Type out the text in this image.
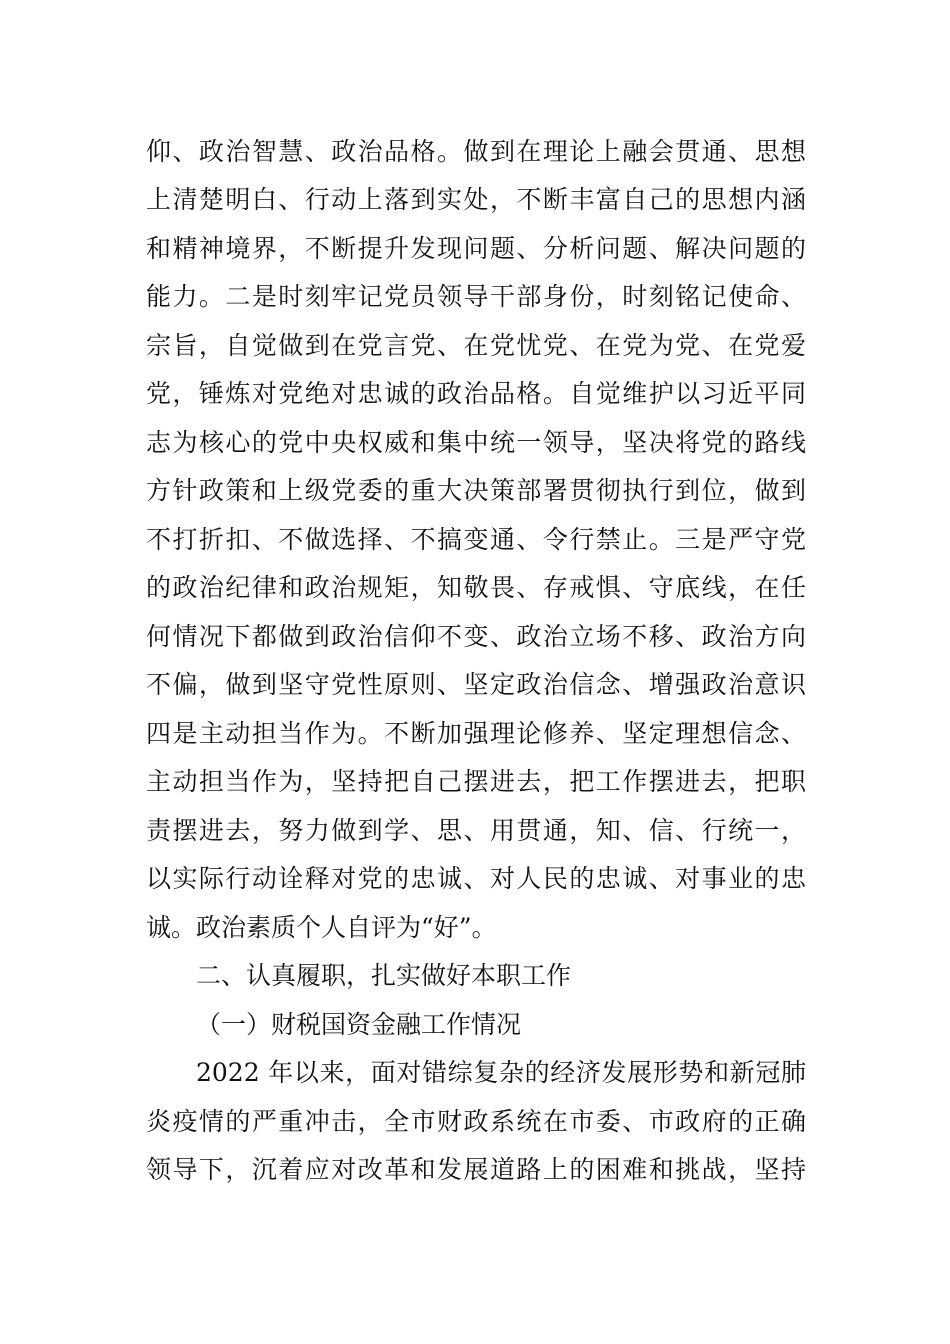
仰、政治智慧、政治品格。做到在理论上融会贯通、思想
上清楚明白、行动上落到实处，不断丰富自己的思想内涵
和精神境界，不断提升发现问题、分析问题、解决问题的
能力。二是时刻牢记党员领导干部身份，时刻铭记使命、
宗旨，自觉做到在党言党、在党忧党、在党为党、在党爱
党，锤炼对党绝对忠诚的政治品格。自觉维护以习近平同
志为核心的党中央权威和集中统一领导，坚决将党的路线
方针政策和上级党委的重大决策部署贯彻执行到位，做到
不打折扣、不做选择、不搞变通、令行禁止。三是严守党
的政治纪律和政治规矩，知敬畏、存戒惧、守底线，在任
何情况下都做到政治信仰不变、政治立场不移、政治方向
不偏，做到坚守党性原则、坚定政治信念、增强政治意识
四是主动担当作为。不断加强理论修养、坚定理想信念、
主动担当作为，坚持把自己摆进去，把工作摆进去，把职
责摆进去，努力做到学、思、用贯通，知、信、行统一，
以实际行动诠释对党的忠诚、对人民的忠诚、对事业的忠
诚。政治素质个人自评为“好”。
二、认真履职，扎实做好本职工作
（一）财税国资金融工作情况
2022 年以来，面对错综复杂的经济发展形势和新冠肺
炎疫情的严重冲击，全市财政系统在市委、市政府的正确
领导下，沉着应对改革和发展道路上的困难和挑战，坚持
